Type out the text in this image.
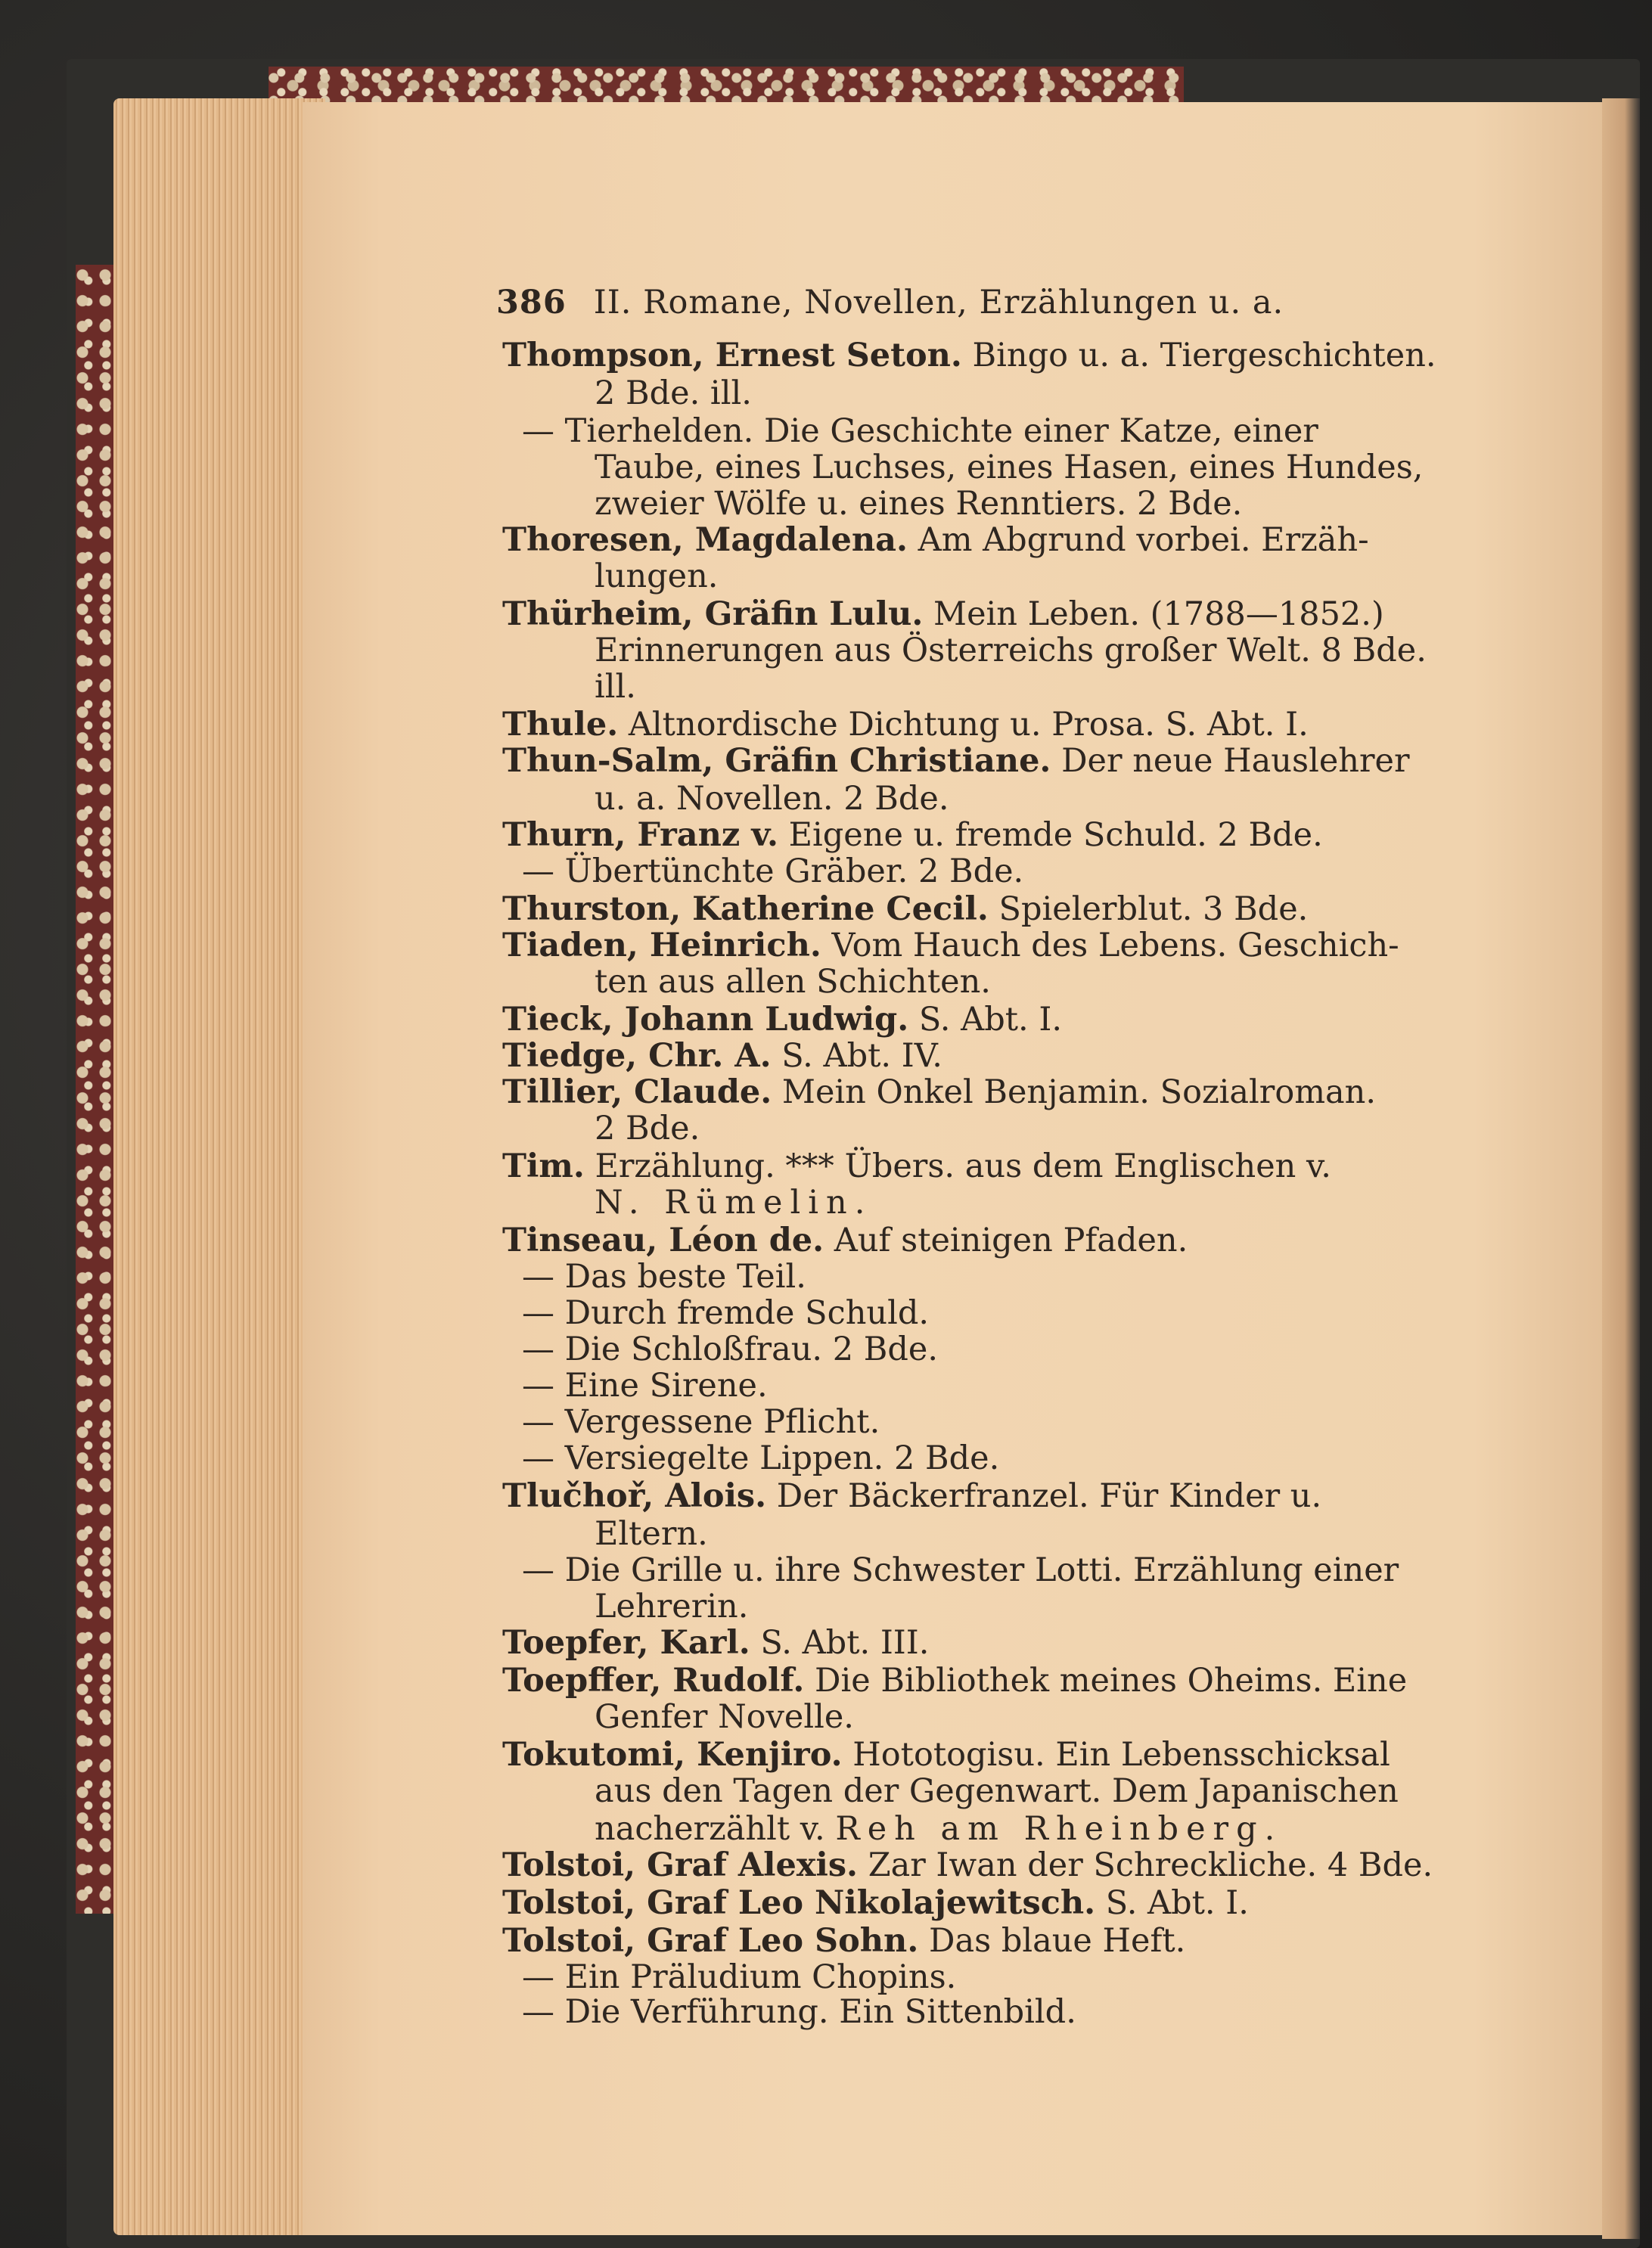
386 II. Romane, Novellen, Erzählungen u. a.
Thompson, Ernest Seton. Bingo u. a. Tiergeschichten.
2 Bde. ill.
— Tierhelden. Die Geschichte einer Katze, einer
Taube, eines Luchses, eines Hasen, eines Hundes,
zweier Wölfe u. eines Renntiers. 2 Bde.
Thoresen, Magdalena. Am Abgrund vorbei. Erzäh-
lungen.
Thürheim, Gräfin Lulu. Mein Leben. (1788—1852.)
Erinnerungen aus Österreichs großer Welt. 8 Bde.
ill.
Thule. Altnordische Dichtung u. Prosa. S. Abt. I.
Thun-Salm, Gräfin Christiane. Der neue Hauslehrer
u. a. Novellen. 2 Bde.
Thurn, Franz v. Eigene u. fremde Schuld. 2 Bde.
— Übertünchte Gräber. 2 Bde.
Thurston, Katherine Cecil. Spielerblut. 3 Bde.
Tiaden, Heinrich. Vom Hauch des Lebens. Geschich-
ten aus allen Schichten.
Tieck, Johann Ludwig. S. Abt. I.
Tiedge, Chr. A. S. Abt. IV.
Tillier, Claude. Mein Onkel Benjamin. Sozialroman.
2 Bde.
Tim. Erzählung. *** Übers. aus dem Englischen v.
N. Rümelin.
Tinseau, Léon de. Auf steinigen Pfaden.
— Das beste Teil.
— Durch fremde Schuld.
— Die Schloßfrau. 2 Bde.
— Eine Sirene.
— Vergessene Pflicht.
— Versiegelte Lippen. 2 Bde.
Tlučhoř, Alois. Der Bäckerfranzel. Für Kinder u.
Eltern.
— Die Grille u. ihre Schwester Lotti. Erzählung einer
Lehrerin.
Toepfer, Karl. S. Abt. III.
Toepffer, Rudolf. Die Bibliothek meines Oheims. Eine
Genfer Novelle.
Tokutomi, Kenjiro. Hototogisu. Ein Lebensschicksal
aus den Tagen der Gegenwart. Dem Japanischen
nacherzählt v. Reh am Rheinberg.
Tolstoi, Graf Alexis. Zar Iwan der Schreckliche. 4 Bde.
Tolstoi, Graf Leo Nikolajewitsch. S. Abt. I.
Tolstoi, Graf Leo Sohn. Das blaue Heft.
— Ein Präludium Chopins.
— Die Verführung. Ein Sittenbild.
